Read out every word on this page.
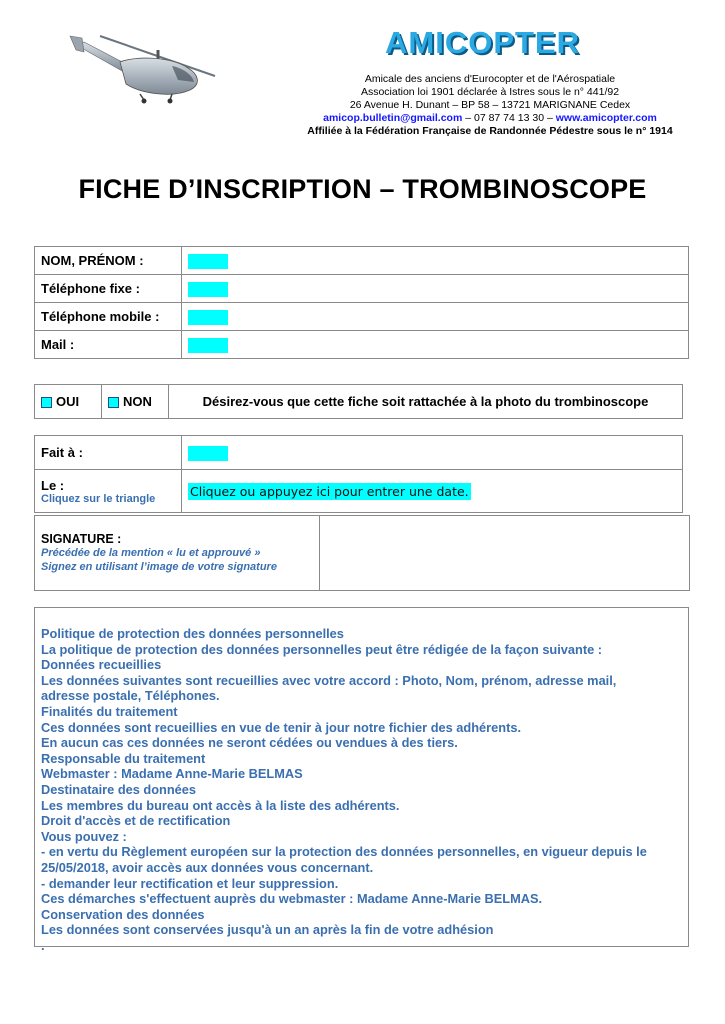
AMICOPTER
Amicale des anciens d'Eurocopter et de l'Aérospatiale
Association loi 1901 déclarée à Istres sous le n° 441/92
26 Avenue H. Dunant – BP 58 – 13721 MARIGNANE Cedex
amicop.bulletin@gmail.com – 07 87 74 13 30 – www.amicopter.com
Affiliée à la Fédération Française de Randonnée Pédestre sous le n° 1914
FICHE D’INSCRIPTION – TROMBINOSCOPE
NOM, PRÉNOM :	
Téléphone fixe :	
Téléphone mobile :	
Mail :	
OUI	NON	Désirez-vous que cette fiche soit rattachée à la photo du trombinoscope
Fait à :	

Le :
Cliquez sur le triangle	Cliquez ou appuyez ici pour entrer une date.
SIGNATURE :
Précédée de la mention « lu et approuvé »
Signez en utilisant l’image de votre signature

Politique de protection des données personnelles

La politique de protection des données personnelles peut être rédigée de la façon suivante :

Données recueillies

Les données suivantes sont recueillies avec votre accord : Photo, Nom, prénom, adresse mail,

adresse postale, Téléphones.

Finalités du traitement

Ces données sont recueillies en vue de tenir à jour notre fichier des adhérents.

En aucun cas ces données ne seront cédées ou vendues à des tiers.

Responsable du traitement

Webmaster : Madame Anne-Marie BELMAS

Destinataire des données

Les membres du bureau ont accès à la liste des adhérents.

Droit d'accès et de rectification

Vous pouvez :

- en vertu du Règlement européen sur la protection des données personnelles, en vigueur depuis le

25/05/2018, avoir accès aux données vous concernant.

- demander leur rectification et leur suppression.

Ces démarches s'effectuent auprès du webmaster : Madame Anne-Marie BELMAS.

Conservation des données

Les données sont conservées jusqu'à un an après la fin de votre adhésion

.
